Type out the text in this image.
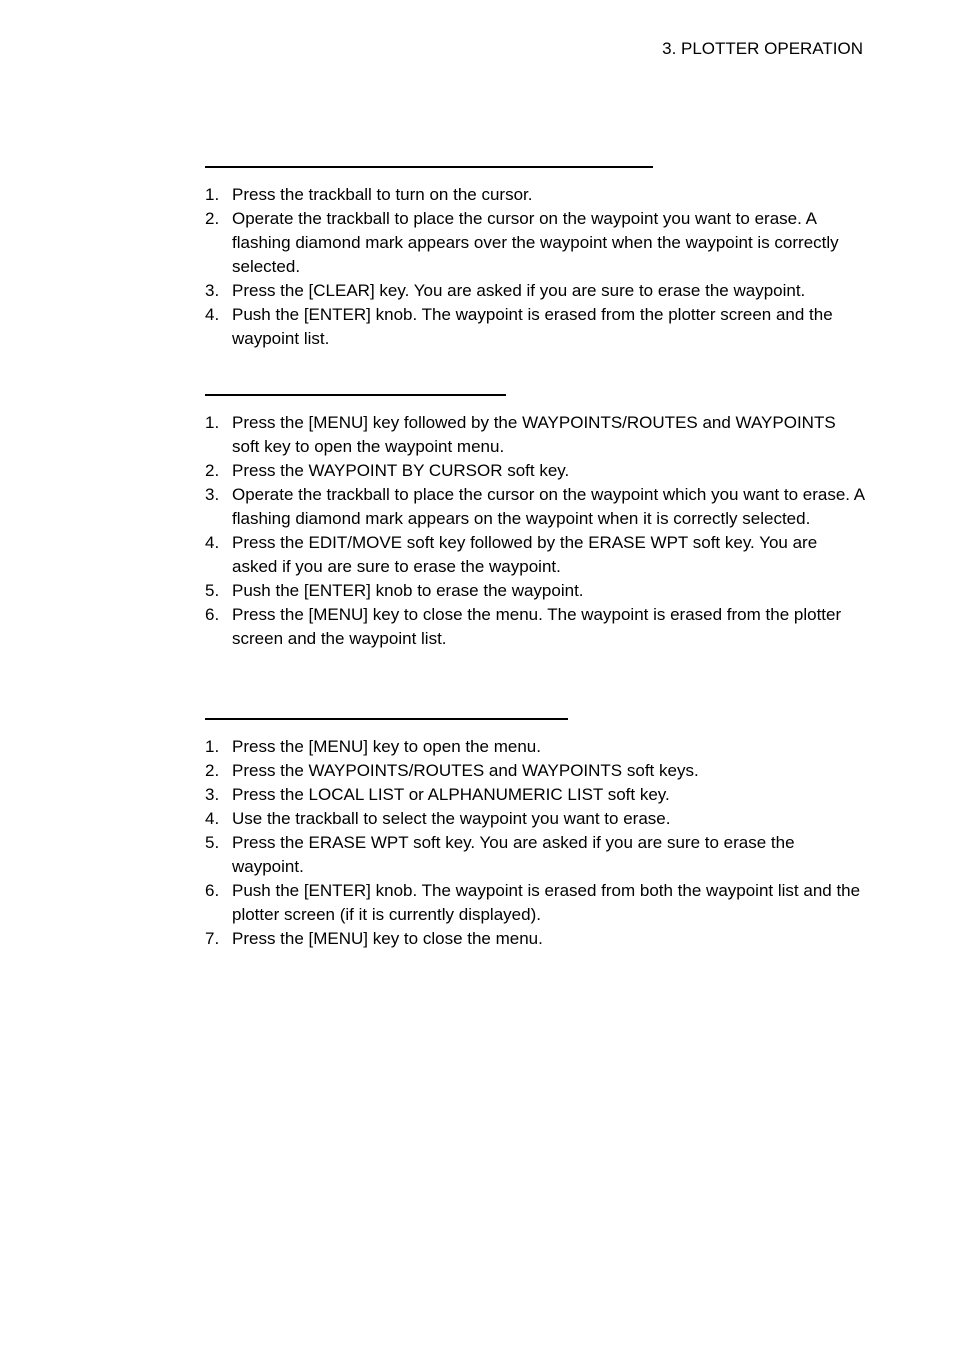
3. PLOTTER OPERATION
1. Press the trackball to turn on the cursor.
2. Operate the trackball to place the cursor on the waypoint you want to erase. A flashing diamond mark appears over the waypoint when the waypoint is correctly selected.
3. Press the [CLEAR] key. You are asked if you are sure to erase the waypoint.
4. Push the [ENTER] knob. The waypoint is erased from the plotter screen and the waypoint list.
1. Press the [MENU] key followed by the WAYPOINTS/ROUTES and WAYPOINTS soft key to open the waypoint menu.
2. Press the WAYPOINT BY CURSOR soft key.
3. Operate the trackball to place the cursor on the waypoint which you want to erase. A flashing diamond mark appears on the waypoint when it is correctly selected.
4. Press the EDIT/MOVE soft key followed by the ERASE WPT soft key. You are asked if you are sure to erase the waypoint.
5. Push the [ENTER] knob to erase the waypoint.
6. Press the [MENU] key to close the menu. The waypoint is erased from the plotter screen and the waypoint list.
1. Press the [MENU] key to open the menu.
2. Press the WAYPOINTS/ROUTES and WAYPOINTS soft keys.
3. Press the LOCAL LIST or ALPHANUMERIC LIST soft key.
4. Use the trackball to select the waypoint you want to erase.
5. Press the ERASE WPT soft key. You are asked if you are sure to erase the waypoint.
6. Push the [ENTER] knob. The waypoint is erased from both the waypoint list and the plotter screen (if it is currently displayed).
7. Press the [MENU] key to close the menu.
